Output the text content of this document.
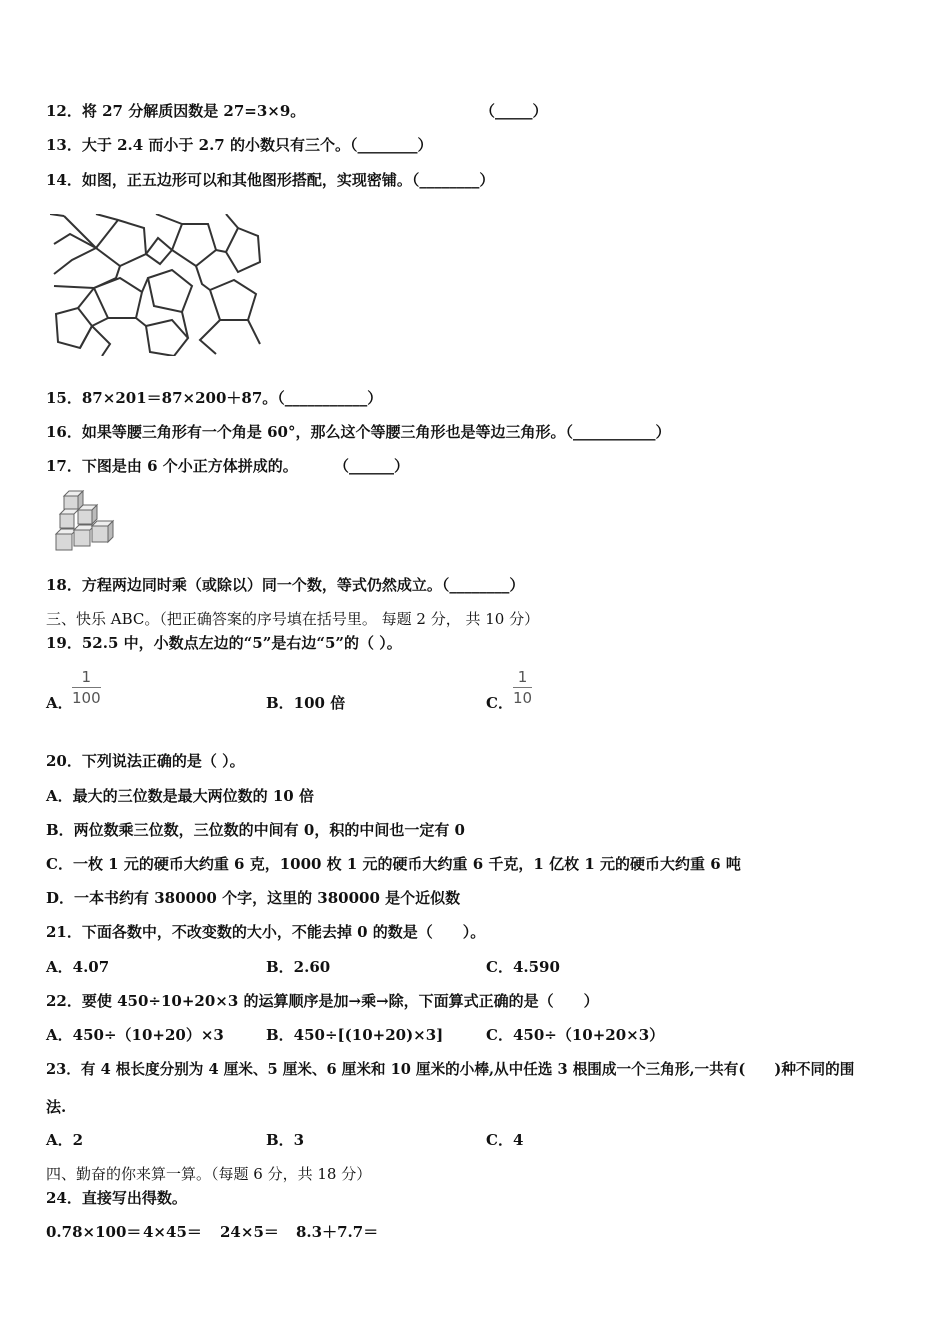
12．将 27 分解质因数是 27=3×9。	（_____）
13．大于 2.4 而小于 2.7 的小数只有三个。（________）
14．如图，正五边形可以和其他图形搭配，实现密铺。（________）
15．87×201＝87×200＋87。（___________）
16．如果等腰三角形有一个角是 60°，那么这个等腰三角形也是等边三角形。（___________）
17．下图是由 6 个小正方体拼成的。 （______）
18．方程两边同时乘（或除以）同一个数，等式仍然成立。（________）
三、快乐 ABC。（把正确答案的序号填在括号里。 每题 2 分， 共 10 分）
19．52.5 中，小数点左边的“5”是右边“5”的（ ）。
A． $\frac{1}{100}$	B．100 倍	C． $\frac{1}{10}$
20．下列说法正确的是（ ）。
A．最大的三位数是最大两位数的 10 倍
B．两位数乘三位数，三位数的中间有 0，积的中间也一定有 0
C．一枚 1 元的硬币大约重 6 克，1000 枚 1 元的硬币大约重 6 千克，1 亿枚 1 元的硬币大约重 6 吨
D．一本书约有 380000 个字，这里的 380000 是个近似数
21．下面各数中，不改变数的大小，不能去掉 0 的数是（　　）。
A．4.07	B．2.60	C．4.590
22．要使 450÷10+20×3 的运算顺序是加→乘→除，下面算式正确的是（　　）
A．450÷（10+20）×3	B．450÷[(10+20)×3]	C．450÷（10+20×3）
23．有 4 根长度分别为 4 厘米、5 厘米、6 厘米和 10 厘米的小棒,从中任选 3 根围成一个三角形,一共有(　　)种不同的围
法.
A．2	B．3	C．4
四、勤奋的你来算一算。（每题 6 分，共 18 分）
24．直接写出得数。
0.78×100＝ 4×45＝ 24×5＝ 8.3＋7.7＝
